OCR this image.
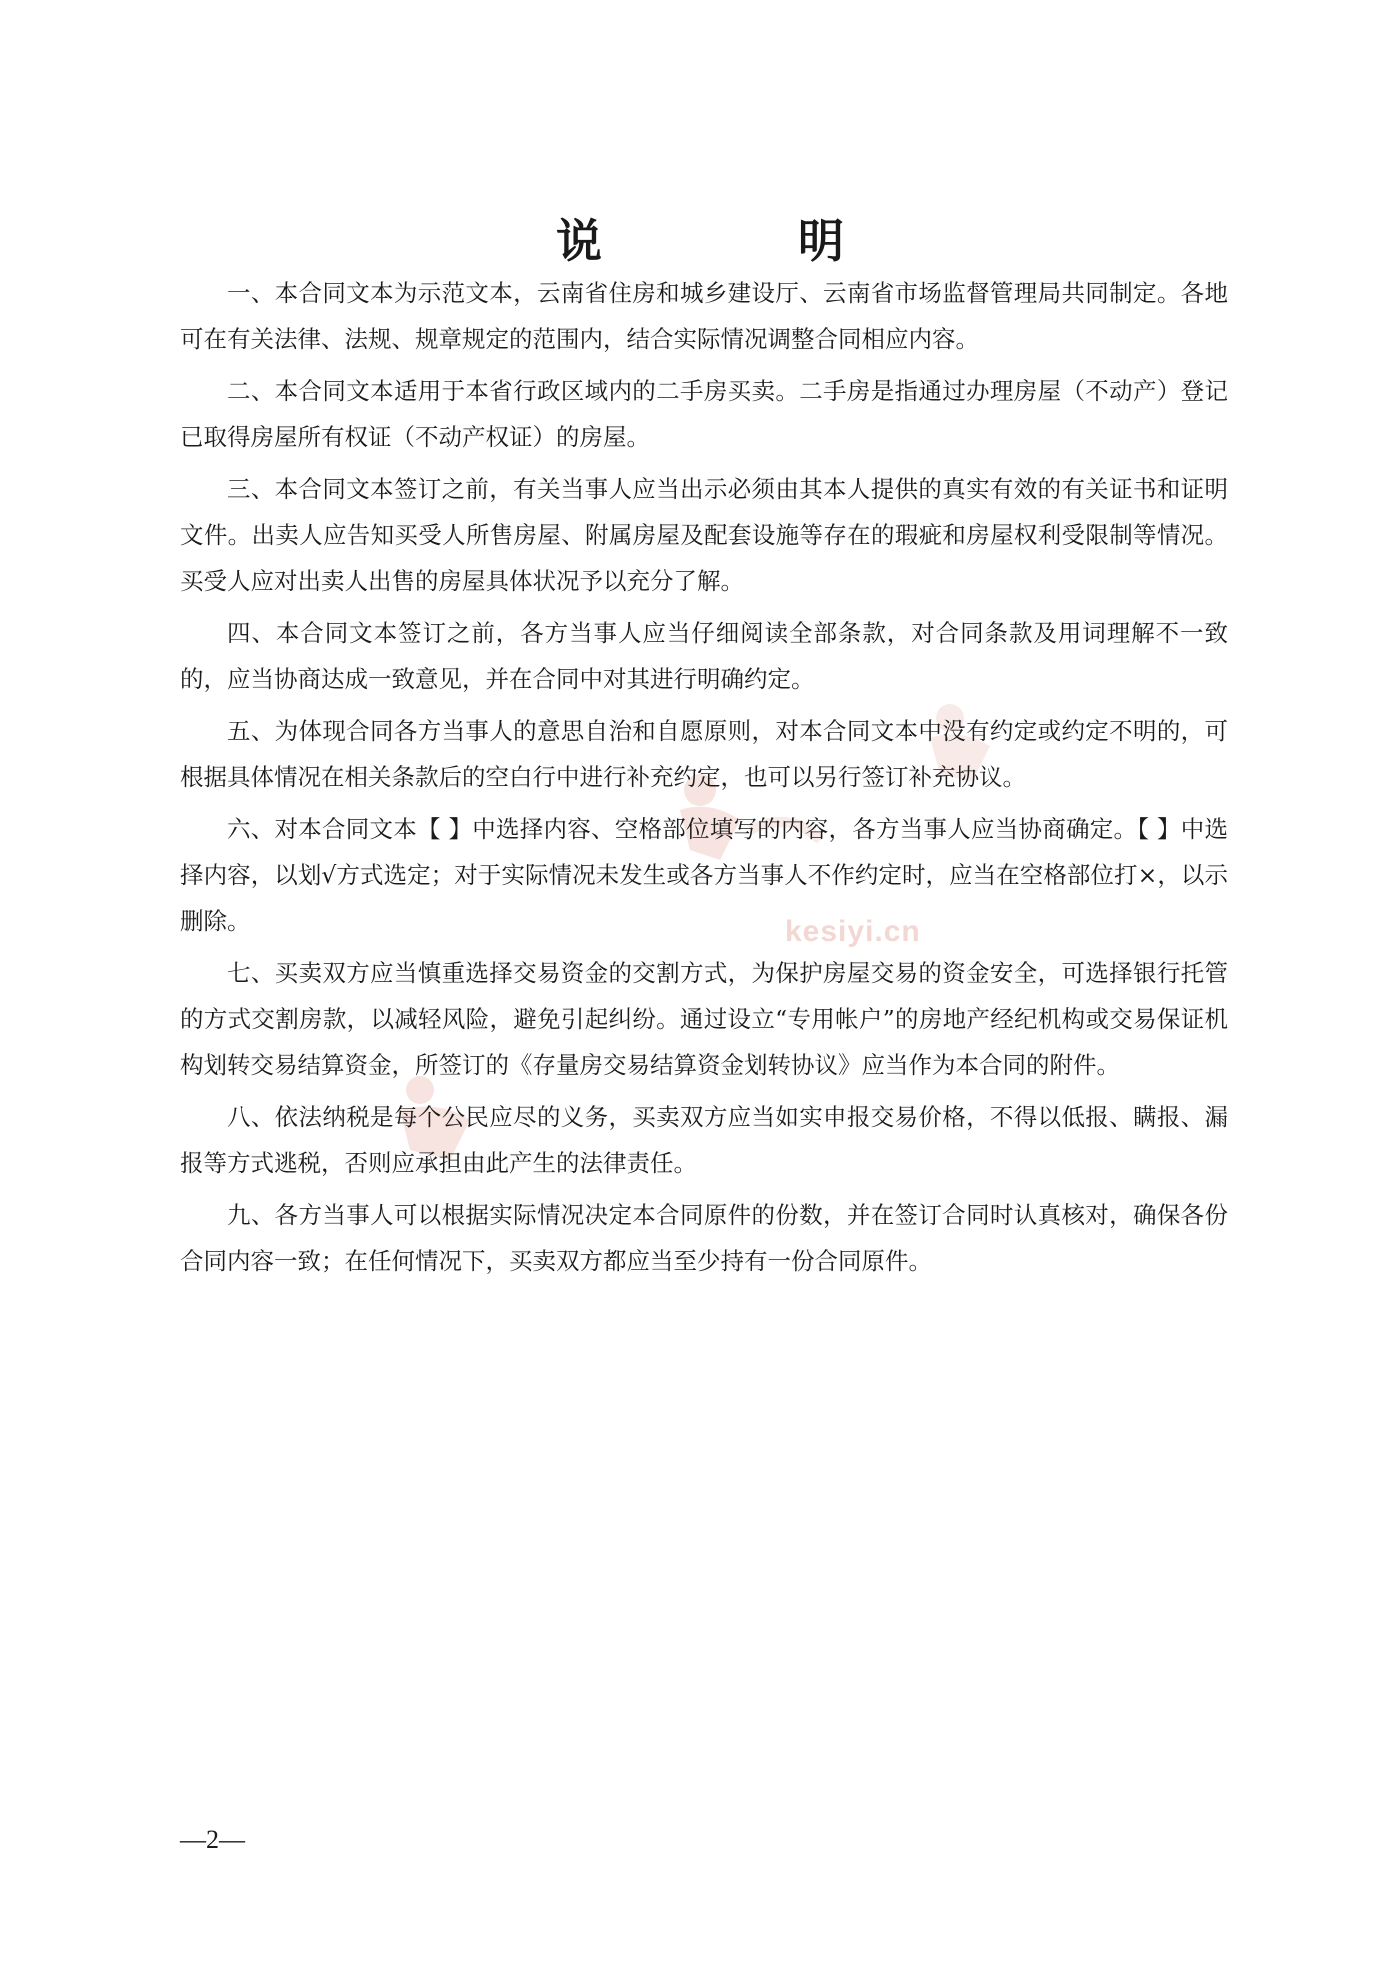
kesiyi.cn
说 明

一、本合同文本为示范文本，云南省住房和城乡建设厅、云南省市场监督管理局共同制定。各地可在有关法律、法规、规章规定的范围内，结合实际情况调整合同相应内容。

二、本合同文本适用于本省行政区域内的二手房买卖。二手房是指通过办理房屋（不动产）登记已取得房屋所有权证（不动产权证）的房屋。

三、本合同文本签订之前，有关当事人应当出示必须由其本人提供的真实有效的有关证书和证明文件。出卖人应告知买受人所售房屋、附属房屋及配套设施等存在的瑕疵和房屋权利受限制等情况。买受人应对出卖人出售的房屋具体状况予以充分了解。

四、本合同文本签订之前，各方当事人应当仔细阅读全部条款，对合同条款及用词理解不一致的，应当协商达成一致意见，并在合同中对其进行明确约定。

五、为体现合同各方当事人的意思自治和自愿原则，对本合同文本中没有约定或约定不明的，可根据具体情况在相关条款后的空白行中进行补充约定，也可以另行签订补充协议。

六、对本合同文本【 】中选择内容、空格部位填写的内容，各方当事人应当协商确定。【 】中选择内容，以划√方式选定；对于实际情况未发生或各方当事人不作约定时，应当在空格部位打×，以示删除。

七、买卖双方应当慎重选择交易资金的交割方式，为保护房屋交易的资金安全，可选择银行托管的方式交割房款，以减轻风险，避免引起纠纷。通过设立“专用帐户”的房地产经纪机构或交易保证机构划转交易结算资金，所签订的《存量房交易结算资金划转协议》应当作为本合同的附件。

八、依法纳税是每个公民应尽的义务，买卖双方应当如实申报交易价格，不得以低报、瞒报、漏报等方式逃税，否则应承担由此产生的法律责任。

九、各方当事人可以根据实际情况决定本合同原件的份数，并在签订合同时认真核对，确保各份合同内容一致；在任何情况下，买卖双方都应当至少持有一份合同原件。

—2—
